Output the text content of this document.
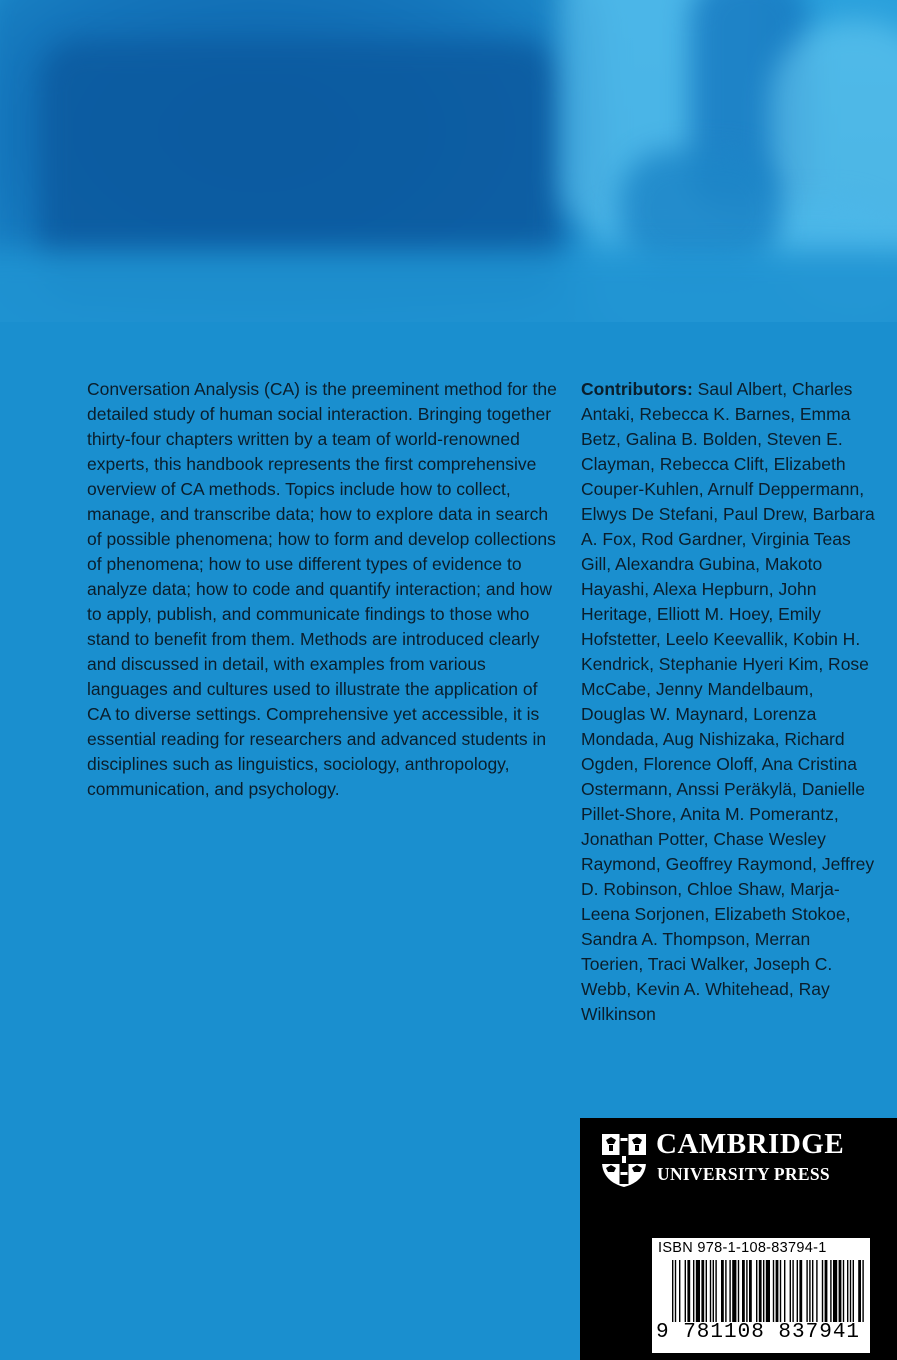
Conversation Analysis (CA) is the preeminent method for the detailed study of human social interaction. Bringing together thirty-four chapters written by a team of world-renowned experts, this handbook represents the first comprehensive overview of CA methods. Topics include how to collect, manage, and transcribe data; how to explore data in search of possible phenomena; how to form and develop collections of phenomena; how to use different types of evidence to analyze data; how to code and quantify interaction; and how to apply, publish, and communicate findings to those who stand to benefit from them. Methods are introduced clearly and discussed in detail, with examples from various languages and cultures used to illustrate the application of CA to diverse settings. Comprehensive yet accessible, it is essential reading for researchers and advanced students in disciplines such as linguistics, sociology, anthropology, communication, and psychology.

Contributors: Saul Albert, Charles Antaki, Rebecca K. Barnes, Emma Betz, Galina B. Bolden, Steven E. Clayman, Rebecca Clift, Elizabeth Couper-Kuhlen, Arnulf Deppermann, Elwys De Stefani, Paul Drew, Barbara A. Fox, Rod Gardner, Virginia Teas Gill, Alexandra Gubina, Makoto Hayashi, Alexa Hepburn, John Heritage, Elliott M. Hoey, Emily Hofstetter, Leelo Keevallik, Kobin H. Kendrick, Stephanie Hyeri Kim, Rose McCabe, Jenny Mandelbaum, Douglas W. Maynard, Lorenza Mondada, Aug Nishizaka, Richard Ogden, Florence Oloff, Ana Cristina Ostermann, Anssi Peräkylä, Danielle Pillet-Shore, Anita M. Pomerantz, Jonathan Potter, Chase Wesley Raymond, Geoffrey Raymond, Jeffrey D. Robinson, Chloe Shaw, Marja-Leena Sorjonen, Elizabeth Stokoe, Sandra A. Thompson, Merran Toerien, Traci Walker, Joseph C. Webb, Kevin A. Whitehead, Ray Wilkinson

CAMBRIDGE
UNIVERSITY PRESS
ISBN 978-1-108-83794-1
9 781108 837941 >
